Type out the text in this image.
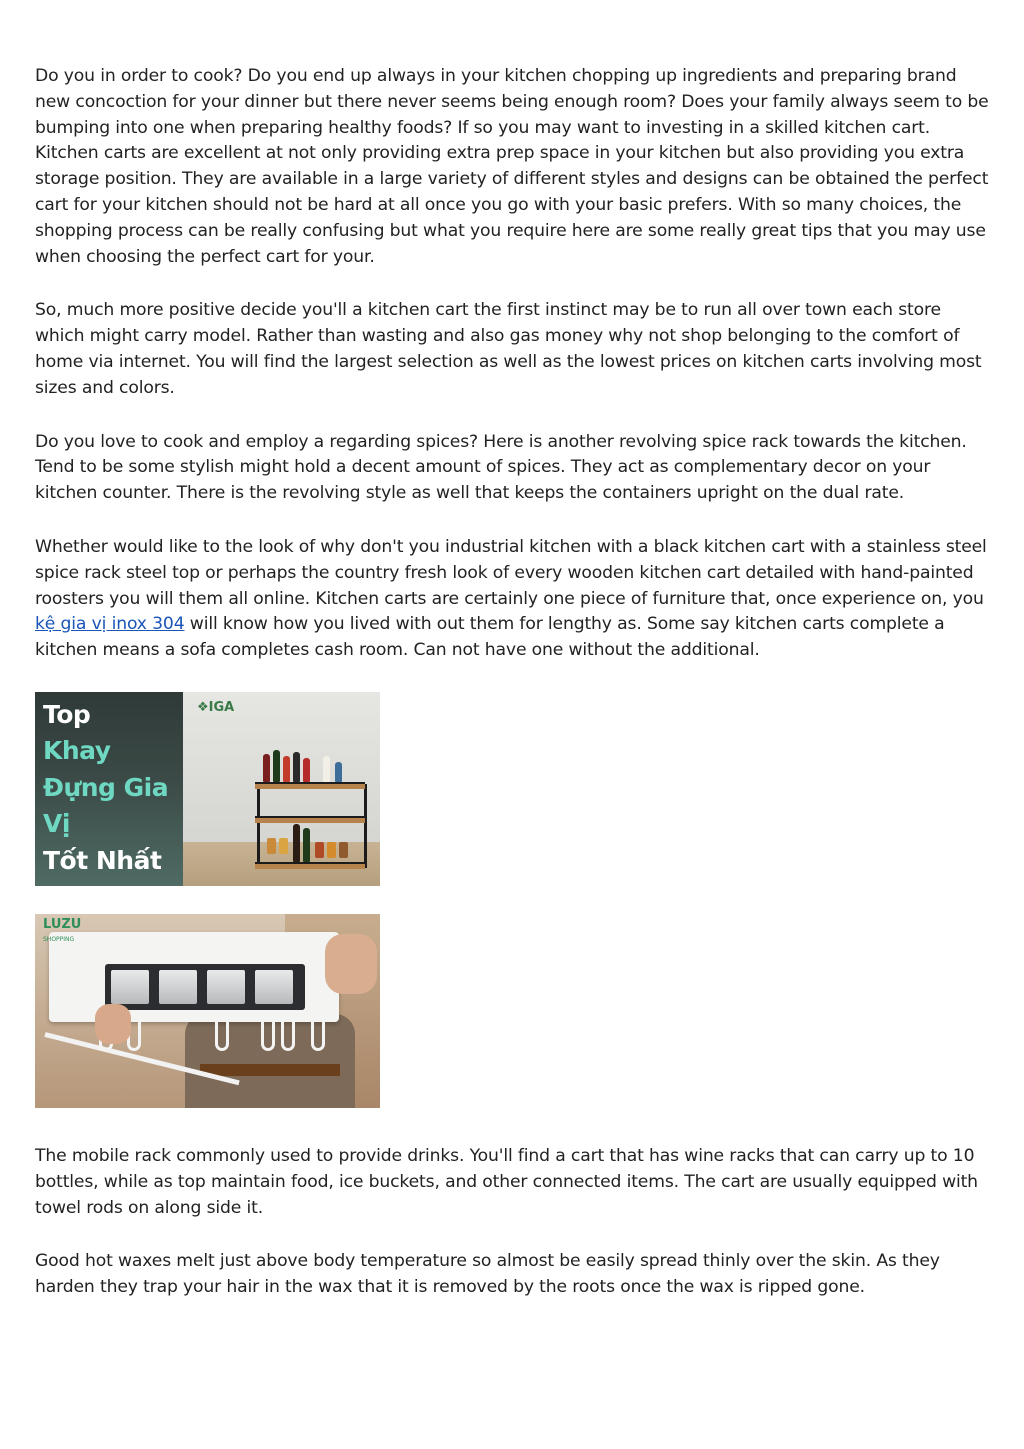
Do you in order to cook? Do you end up always in your kitchen chopping up ingredients and preparing brand new concoction for your dinner but there never seems being enough room? Does your family always seem to be bumping into one when preparing healthy foods? If so you may want to investing in a skilled kitchen cart. Kitchen carts are excellent at not only providing extra prep space in your kitchen but also providing you extra storage position. They are available in a large variety of different styles and designs can be obtained the perfect cart for your kitchen should not be hard at all once you go with your basic prefers. With so many choices, the shopping process can be really confusing but what you require here are some really great tips that you may use when choosing the perfect cart for your.

So, much more positive decide you'll a kitchen cart the first instinct may be to run all over town each store which might carry model. Rather than wasting and also gas money why not shop belonging to the comfort of home via internet. You will find the largest selection as well as the lowest prices on kitchen carts involving most sizes and colors.

Do you love to cook and employ a regarding spices? Here is another revolving spice rack towards the kitchen. Tend to be some stylish might hold a decent amount of spices. They act as complementary decor on your kitchen counter. There is the revolving style as well that keeps the containers upright on the dual rate.

Whether would like to the look of why don't you industrial kitchen with a black kitchen cart with a stainless steel spice rack steel top or perhaps the country fresh look of every wooden kitchen cart detailed with hand-painted roosters you will them all online. Kitchen carts are certainly one piece of furniture that, once experience on, you kệ gia vị inox 304 will know how you lived with out them for lengthy as. Some say kitchen carts complete a kitchen means a sofa completes cash room. Can not have one without the additional.

Top
Khay
Đựng Gia
Vị
Tốt Nhất
❖IGA
LUZU
SHOPPING

The mobile rack commonly used to provide drinks. You'll find a cart that has wine racks that can carry up to 10 bottles, while as top maintain food, ice buckets, and other connected items. The cart are usually equipped with towel rods on along side it.

Good hot waxes melt just above body temperature so almost be easily spread thinly over the skin. As they harden they trap your hair in the wax that it is removed by the roots once the wax is ripped gone.
